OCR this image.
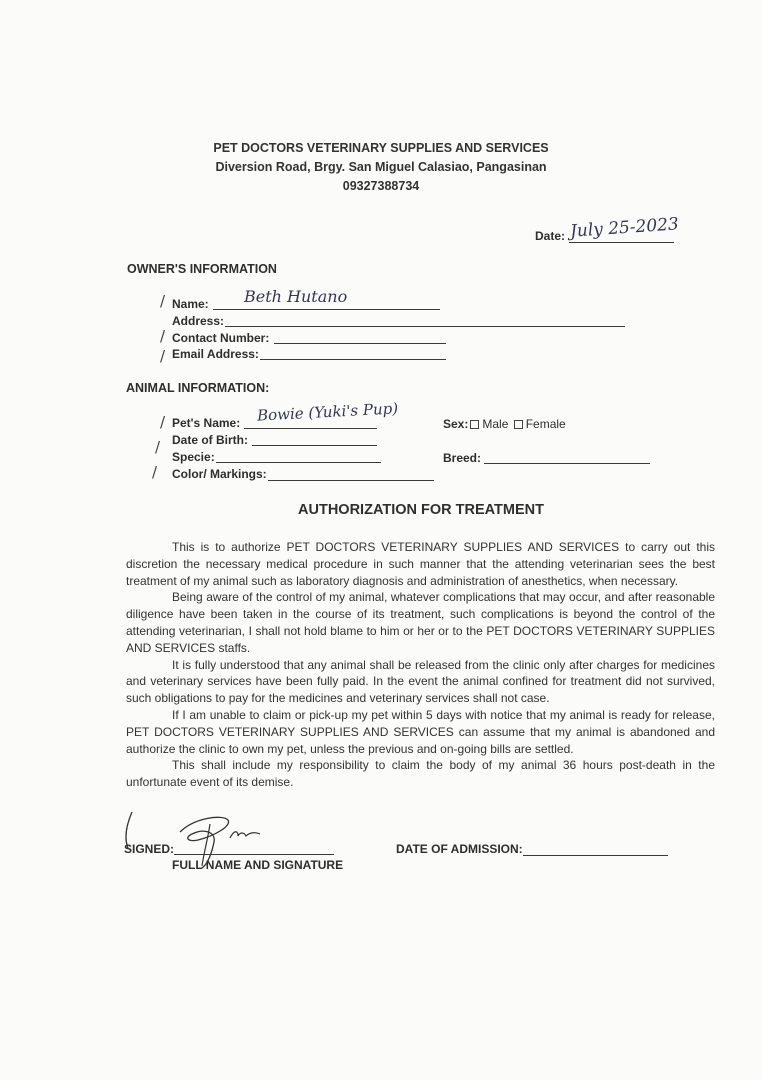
PET DOCTORS VETERINARY SUPPLIES AND SERVICES
Diversion Road, Brgy. San Miguel Calasiao, Pangasinan
09327388734
Date: July 25-2023
OWNER'S INFORMATION
/ Name: Beth Hutano
Address:
/ Contact Number:
/ Email Address:
ANIMAL INFORMATION:
/ Pet's Name: Bowie (Yuki's Pup)	Sex: Male Female
/ Date of Birth:
Specie:	Breed:
/ Color/ Markings:
AUTHORIZATION FOR TREATMENT

This is to authorize PET DOCTORS VETERINARY SUPPLIES AND SERVICES to carry out this discretion the necessary medical procedure in such manner that the attending veterinarian sees the best treatment of my animal such as laboratory diagnosis and administration of anesthetics, when necessary.

Being aware of the control of my animal, whatever complications that may occur, and after reasonable diligence have been taken in the course of its treatment, such complications is beyond the control of the attending veterinarian, I shall not hold blame to him or her or to the PET DOCTORS VETERINARY SUPPLIES AND SERVICES staffs.

It is fully understood that any animal shall be released from the clinic only after charges for medicines and veterinary services have been fully paid. In the event the animal confined for treatment did not survived, such obligations to pay for the medicines and veterinary services shall not case.

If I am unable to claim or pick-up my pet within 5 days with notice that my animal is ready for release, PET DOCTORS VETERINARY SUPPLIES AND SERVICES can assume that my animal is abandoned and authorize the clinic to own my pet, unless the previous and on-going bills are settled.

This shall include my responsibility to claim the body of my animal 36 hours post-death in the unfortunate event of its demise.

SIGNED:
FULL NAME AND SIGNATURE
DATE OF ADMISSION:
